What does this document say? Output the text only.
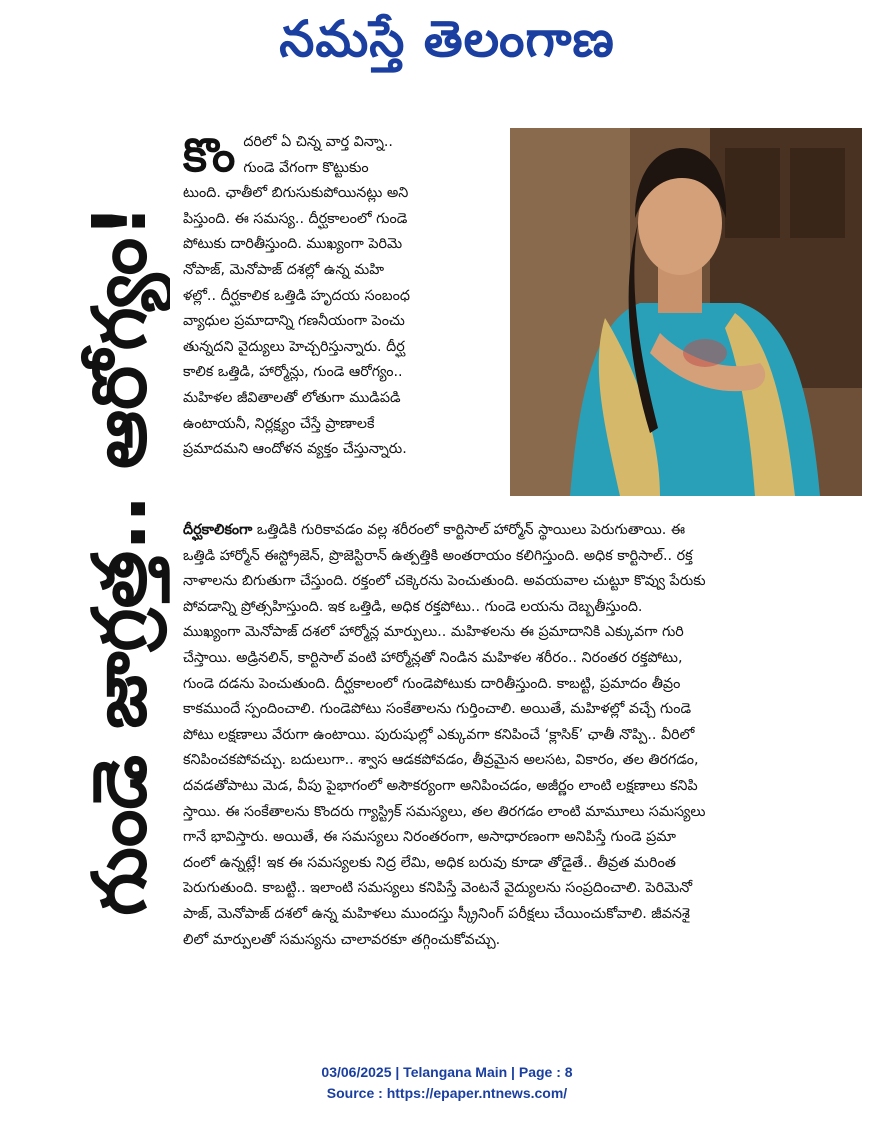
నమస్తే తెలంగాణ
గుండె జాగ్రత్త.. ఆరోగ్యం!
కొం దరిలో ఏ చిన్న వార్త విన్నా..
గుండె వేగంగా కొట్టుకుం
టుంది. ఛాతీలో బిగుసుకుపోయినట్లు అని
పిస్తుంది. ఈ సమస్య.. దీర్ఘకాలంలో గుండె
పోటుకు దారితీస్తుంది. ముఖ్యంగా పెరిమె
నోపాజ్, మెనోపాజ్ దశల్లో ఉన్న మహి
ళల్లో.. దీర్ఘకాలిక ఒత్తిడి హృదయ సంబంధ
వ్యాధుల ప్రమాదాన్ని గణనీయంగా పెంచు
తున్నదని వైద్యులు హెచ్చరిస్తున్నారు. దీర్ఘ
కాలిక ఒత్తిడి, హార్మోన్లు, గుండె ఆరోగ్యం..
మహిళల జీవితాలతో లోతుగా ముడిపడి
ఉంటాయనీ, నిర్లక్ష్యం చేస్తే ప్రాణాలకే
ప్రమాదమని ఆందోళన వ్యక్తం చేస్తున్నారు.
దీర్ఘకాలికంగా ఒత్తిడికి గురికావడం వల్ల శరీరంలో కార్టిసాల్ హార్మోన్ స్థాయిలు పెరుగుతాయి. ఈ
ఒత్తిడి హార్మోన్ ఈస్ట్రోజెన్, ప్రొజెస్టిరాన్ ఉత్పత్తికి అంతరాయం కలిగిస్తుంది. అధిక కార్టిసాల్.. రక్త
నాళాలను బిగుతుగా చేస్తుంది. రక్తంలో చక్కెరను పెంచుతుంది. అవయవాల చుట్టూ కొవ్వు పేరుకు
పోవడాన్ని ప్రోత్సహిస్తుంది. ఇక ఒత్తిడి, అధిక రక్తపోటు.. గుండె లయను దెబ్బతీస్తుంది.
ముఖ్యంగా మెనోపాజ్ దశలో హార్మోన్ల మార్పులు.. మహిళలను ఈ ప్రమాదానికి ఎక్కువగా గురి
చేస్తాయి. అడ్రినలిన్, కార్టిసాల్ వంటి హార్మోన్లతో నిండిన మహిళల శరీరం.. నిరంతర రక్తపోటు,
గుండె దడను పెంచుతుంది. దీర్ఘకాలంలో గుండెపోటుకు దారితీస్తుంది. కాబట్టి, ప్రమాదం తీవ్రం
కాకముందే స్పందించాలి. గుండెపోటు సంకేతాలను గుర్తించాలి. అయితే, మహిళల్లో వచ్చే గుండె
పోటు లక్షణాలు వేరుగా ఉంటాయి. పురుషుల్లో ఎక్కువగా కనిపించే ‘క్లాసిక్’ ఛాతీ నొప్పి.. వీరిలో
కనిపించకపోవచ్చు. బదులుగా.. శ్వాస ఆడకపోవడం, తీవ్రమైన అలసట, వికారం, తల తిరగడం,
దవడతోపాటు మెడ, వీపు పైభాగంలో అసౌకర్యంగా అనిపించడం, అజీర్ణం లాంటి లక్షణాలు కనిపి
స్తాయి. ఈ సంకేతాలను కొందరు గ్యాస్ట్రిక్ సమస్యలు, తల తిరగడం లాంటి మామూలు సమస్యలు
గానే భావిస్తారు. అయితే, ఈ సమస్యలు నిరంతరంగా, అసాధారణంగా అనిపిస్తే గుండె ప్రమా
దంలో ఉన్నట్లే! ఇక ఈ సమస్యలకు నిద్ర లేమి, అధిక బరువు కూడా తోడైతే.. తీవ్రత మరింత
పెరుగుతుంది. కాబట్టి.. ఇలాంటి సమస్యలు కనిపిస్తే వెంటనే వైద్యులను సంప్రదించాలి. పెరిమెనో
పాజ్, మెనోపాజ్ దశలో ఉన్న మహిళలు ముందస్తు స్క్రీనింగ్ పరీక్షలు చేయించుకోవాలి. జీవనశై
లిలో మార్పులతో సమస్యను చాలావరకూ తగ్గించుకోవచ్చు.
03/06/2025 | Telangana Main | Page : 8
Source : https://epaper.ntnews.com/
